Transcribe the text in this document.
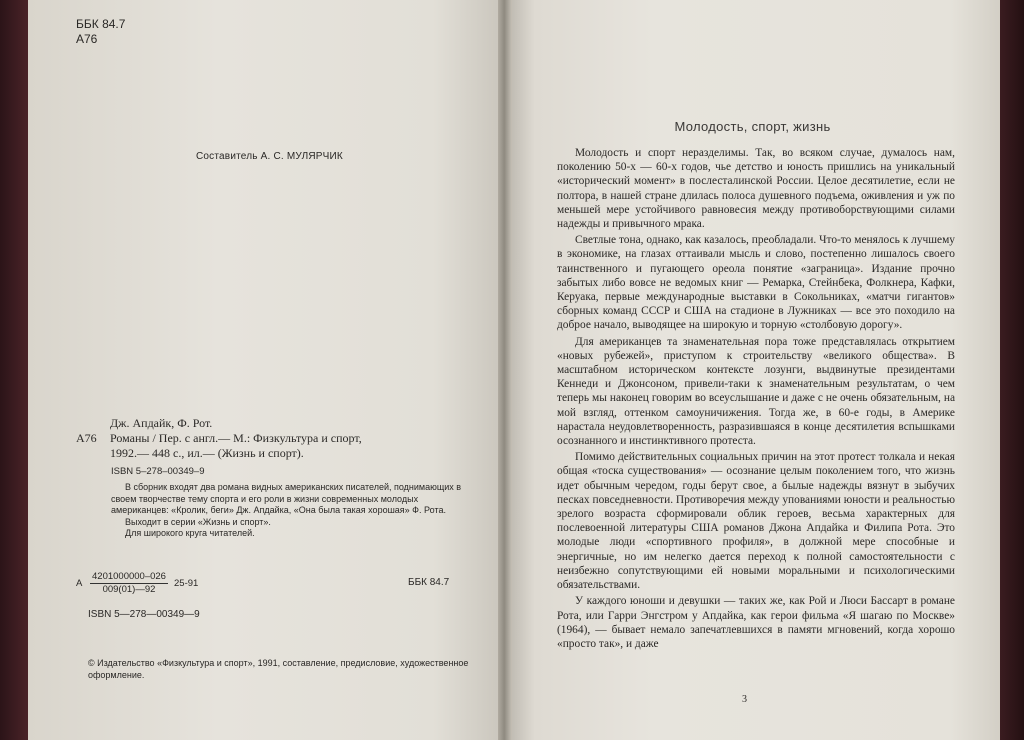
ББК 84.7
А76
Составитель А. С. МУЛЯРЧИК
Дж. Апдайк, Ф. Рот.
А76	Романы / Пер. с англ.— М.: Физкультура и спорт,
1992.— 448 с., ил.— (Жизнь и спорт).
ISBN 5–278–00349–9

В сборник входят два романа видных американских писателей, поднимающих в своем творчестве тему спорта и его роли в жизни современных молодых американцев: «Кролик, беги» Дж. Апдайка, «Она была такая хорошая» Ф. Рота.

Выходит в серии «Жизнь и спорт».

Для широкого круга читателей.

А $\frac{4201000000-026}{009(01)—92} 25-91$	ББК 84.7
ISBN 5—278—00349—9
© Издательство «Физкультура и спорт», 1991, составление, предисловие, художественное оформление.
Молодость, спорт, жизнь

Молодость и спорт неразделимы. Так, во всяком случае, думалось нам, поколению 50-х — 60-х годов, чье детство и юность пришлись на уникальный «исторический момент» в послесталинской России. Целое десятилетие, если не полтора, в нашей стране длилась полоса душевного подъема, оживления и уж по меньшей мере устойчивого равновесия между противоборствующими силами надежды и привычного мрака.

Светлые тона, однако, как казалось, преобладали. Что-то менялось к лучшему в экономике, на глазах оттаивали мысль и слово, постепенно лишалось своего таинственного и пугающего ореола понятие «заграница». Издание прочно забытых либо вовсе не ведомых книг — Ремарка, Стейнбека, Фолкнера, Кафки, Керуака, первые международные выставки в Сокольниках, «матчи гигантов» сборных команд СССР и США на стадионе в Лужниках — все это походило на доброе начало, выводящее на широкую и торную «столбовую дорогу».

Для американцев та знаменательная пора тоже представлялась открытием «новых рубежей», приступом к строительству «великого общества». В масштабном историческом контексте лозунги, выдвинутые президентами Кеннеди и Джонсоном, привели-таки к знаменательным результатам, о чем теперь мы наконец говорим во всеуслышание и даже с не очень обязательным, на мой взгляд, оттенком самоуничижения. Тогда же, в 60-е годы, в Америке нарастала неудовлетворенность, разразившаяся в конце десятилетия вспышками осознанного и инстинктивного протеста.

Помимо действительных социальных причин на этот протест толкала и некая общая «тоска существования» — осознание целым поколением того, что жизнь идет обычным чередом, годы берут свое, а былые надежды вязнут в зыбучих песках повседневности. Противоречия между упованиями юности и реальностью зрелого возраста сформировали облик героев, весьма характерных для послевоенной литературы США романов Джона Апдайка и Филипа Рота. Это молодые люди «спортивного профиля», в должной мере способные и энергичные, но им нелегко дается переход к полной самостоятельности с неизбежно сопутствующими ей новыми моральными и психологическими обязательствами.

У каждого юноши и девушки — таких же, как Рой и Люси Бассарт в романе Рота, или Гарри Энгстром у Апдайка, как герои фильма «Я шагаю по Москве» (1964), — бывает немало запечатлевшихся в памяти мгновений, когда хорошо «просто так», и даже

3
